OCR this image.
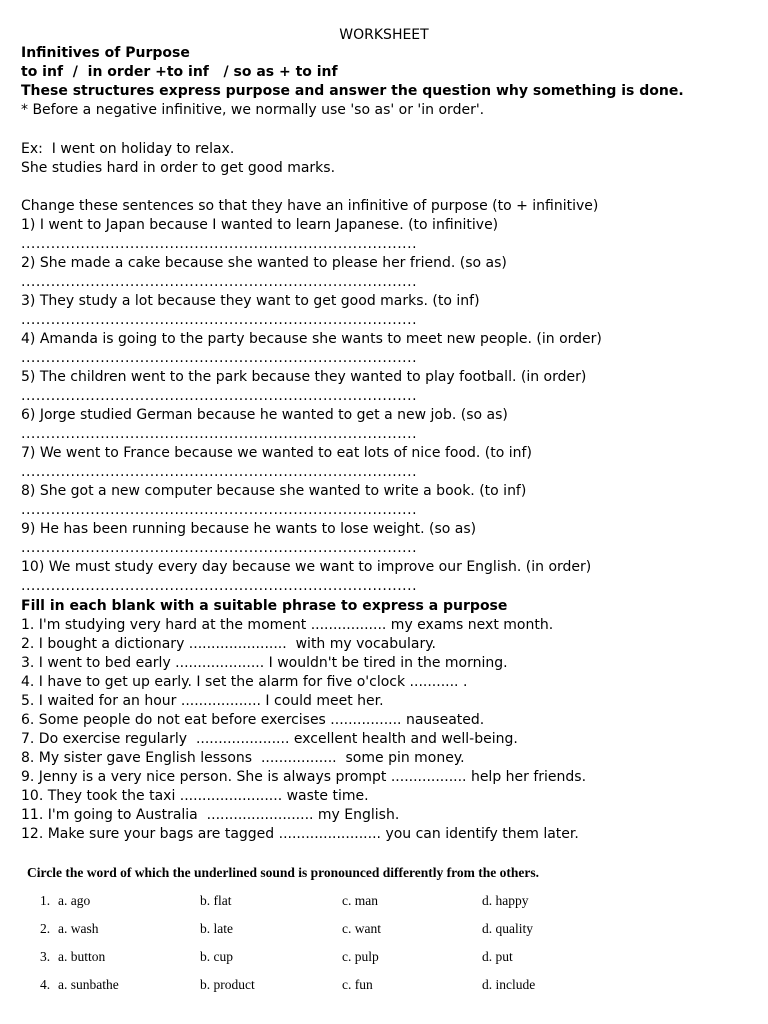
WORKSHEET
Infinitives of Purpose
to inf  /  in order +to inf   / so as + to inf
These structures express purpose and answer the question why something is done.
* Before a negative infinitive, we normally use 'so as' or 'in order'.
Ex:  I went on holiday to relax.
She studies hard in order to get good marks.
Change these sentences so that they have an infinitive of purpose (to + infinitive)
1) I went to Japan because I wanted to learn Japanese. (to infinitive)
................................................................................
2) She made a cake because she wanted to please her friend. (so as)
................................................................................
3) They study a lot because they want to get good marks. (to inf)
................................................................................
4) Amanda is going to the party because she wants to meet new people. (in order)
................................................................................
5) The children went to the park because they wanted to play football. (in order)
................................................................................
6) Jorge studied German because he wanted to get a new job. (so as)
................................................................................
7) We went to France because we wanted to eat lots of nice food. (to inf)
................................................................................
8) She got a new computer because she wanted to write a book. (to inf)
................................................................................
9) He has been running because he wants to lose weight. (so as)
................................................................................
10) We must study every day because we want to improve our English. (in order)
................................................................................
Fill in each blank with a suitable phrase to express a purpose
1. I'm studying very hard at the moment ................. my exams next month.
2. I bought a dictionary ......................  with my vocabulary.
3. I went to bed early .................... I wouldn't be tired in the morning.
4. I have to get up early. I set the alarm for five o'clock ........... .
5. I waited for an hour .................. I could meet her.
6. Some people do not eat before exercises ................ nauseated.
7. Do exercise regularly  ..................... excellent health and well-being.
8. My sister gave English lessons  .................  some pin money.
9. Jenny is a very nice person. She is always prompt ................. help her friends.
10. They took the taxi ....................... waste time.
11. I'm going to Australia  ........................ my English.
12. Make sure your bags are tagged ....................... you can identify them later.
Circle the word of which the underlined sound is pronounced differently from the others.
1. a. ago	b. flat	c. man	d. happy
2. a. wash	b. late	c. want	d. quality
3. a. button	b. cup	c. pulp	d. put
4. a. sunbathe	b. product	c. fun	d. include
